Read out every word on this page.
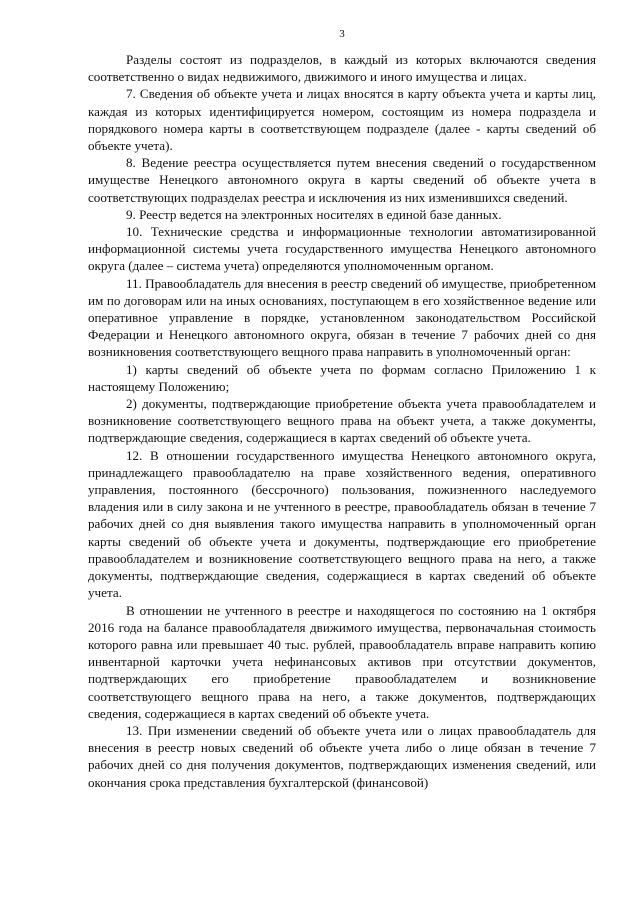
3

Разделы состоят из подразделов, в каждый из которых включаются сведения соответственно о видах недвижимого, движимого и иного имущества и лицах.

7. Сведения об объекте учета и лицах вносятся в карту объекта учета и карты лиц, каждая из которых идентифицируется номером, состоящим из номера подраздела и порядкового номера карты в соответствующем подразделе (далее - карты сведений об объекте учета).

8. Ведение реестра осуществляется путем внесения сведений о государственном имуществе Ненецкого автономного округа в карты сведений об объекте учета в соответствующих подразделах реестра и исключения из них изменившихся сведений.

9. Реестр ведется на электронных носителях в единой базе данных.

10. Технические средства и информационные технологии автоматизированной информационной системы учета государственного имущества Ненецкого автономного округа (далее – система учета) определяются уполномоченным органом.

11. Правообладатель для внесения в реестр сведений об имуществе, приобретенном им по договорам или на иных основаниях, поступающем в его хозяйственное ведение или оперативное управление в порядке, установленном законодательством Российской Федерации и Ненецкого автономного округа, обязан в течение 7 рабочих дней со дня возникновения соответствующего вещного права направить в уполномоченный орган:

1) карты сведений об объекте учета по формам согласно Приложению 1 к настоящему Положению;

2) документы, подтверждающие приобретение объекта учета правообладателем и возникновение соответствующего вещного права на объект учета, а также документы, подтверждающие сведения, содержащиеся в картах сведений об объекте учета.

12. В отношении государственного имущества Ненецкого автономного округа, принадлежащего правообладателю на праве хозяйственного ведения, оперативного управления, постоянного (бессрочного) пользования, пожизненного наследуемого владения или в силу закона и не учтенного в реестре, правообладатель обязан в течение 7 рабочих дней со дня выявления такого имущества направить в уполномоченный орган карты сведений об объекте учета и документы, подтверждающие его приобретение правообладателем и возникновение соответствующего вещного права на него, а также документы, подтверждающие сведения, содержащиеся в картах сведений об объекте учета.

В отношении не учтенного в реестре и находящегося по состоянию на 1 октября 2016 года на балансе правообладателя движимого имущества, первоначальная стоимость которого равна или превышает 40 тыс. рублей, правообладатель вправе направить копию инвентарной карточки учета нефинансовых активов при отсутствии документов, подтверждающих его приобретение правообладателем и возникновение соответствующего вещного права на него, а также документов, подтверждающих сведения, содержащиеся в картах сведений об объекте учета.

13. При изменении сведений об объекте учета или о лицах правообладатель для внесения в реестр новых сведений об объекте учета либо о лице обязан в течение 7 рабочих дней со дня получения документов, подтверждающих изменения сведений, или окончания срока представления бухгалтерской (финансовой)
